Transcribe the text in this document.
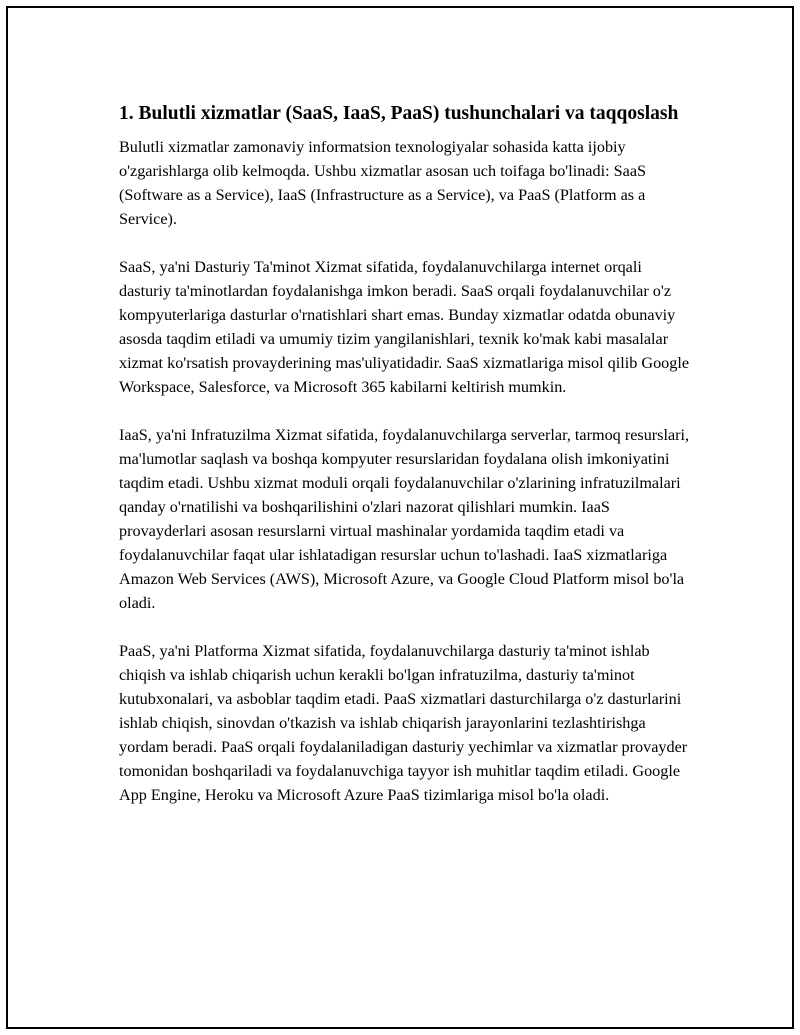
1. Bulutli xizmatlar (SaaS, IaaS, PaaS) tushunchalari va taqqoslash

Bulutli xizmatlar zamonaviy informatsion texnologiyalar sohasida katta ijobiy o'zgarishlarga olib kelmoqda. Ushbu xizmatlar asosan uch toifaga bo'linadi: SaaS (Software as a Service), IaaS (Infrastructure as a Service), va PaaS (Platform as a Service).

SaaS, ya'ni Dasturiy Ta'minot Xizmat sifatida, foydalanuvchilarga internet orqali dasturiy ta'minotlardan foydalanishga imkon beradi. SaaS orqali foydalanuvchilar o'z kompyuterlariga dasturlar o'rnatishlari shart emas. Bunday xizmatlar odatda obunaviy asosda taqdim etiladi va umumiy tizim yangilanishlari, texnik ko'mak kabi masalalar xizmat ko'rsatish provayderining mas'uliyatidadir. SaaS xizmatlariga misol qilib Google Workspace, Salesforce, va Microsoft 365 kabilarni keltirish mumkin.

IaaS, ya'ni Infratuzilma Xizmat sifatida, foydalanuvchilarga serverlar, tarmoq resurslari, ma'lumotlar saqlash va boshqa kompyuter resurslaridan foydalana olish imkoniyatini taqdim etadi. Ushbu xizmat moduli orqali foydalanuvchilar o'zlarining infratuzilmalari qanday o'rnatilishi va boshqarilishini o'zlari nazorat qilishlari mumkin. IaaS provayderlari asosan resurslarni virtual mashinalar yordamida taqdim etadi va foydalanuvchilar faqat ular ishlatadigan resurslar uchun to'lashadi. IaaS xizmatlariga Amazon Web Services (AWS), Microsoft Azure, va Google Cloud Platform misol bo'la oladi.

PaaS, ya'ni Platforma Xizmat sifatida, foydalanuvchilarga dasturiy ta'minot ishlab chiqish va ishlab chiqarish uchun kerakli bo'lgan infratuzilma, dasturiy ta'minot kutubxonalari, va asboblar taqdim etadi. PaaS xizmatlari dasturchilarga o'z dasturlarini ishlab chiqish, sinovdan o'tkazish va ishlab chiqarish jarayonlarini tezlashtirishga yordam beradi. PaaS orqali foydalaniladigan dasturiy yechimlar va xizmatlar provayder tomonidan boshqariladi va foydalanuvchiga tayyor ish muhitlar taqdim etiladi. Google App Engine, Heroku va Microsoft Azure PaaS tizimlariga misol bo'la oladi.
